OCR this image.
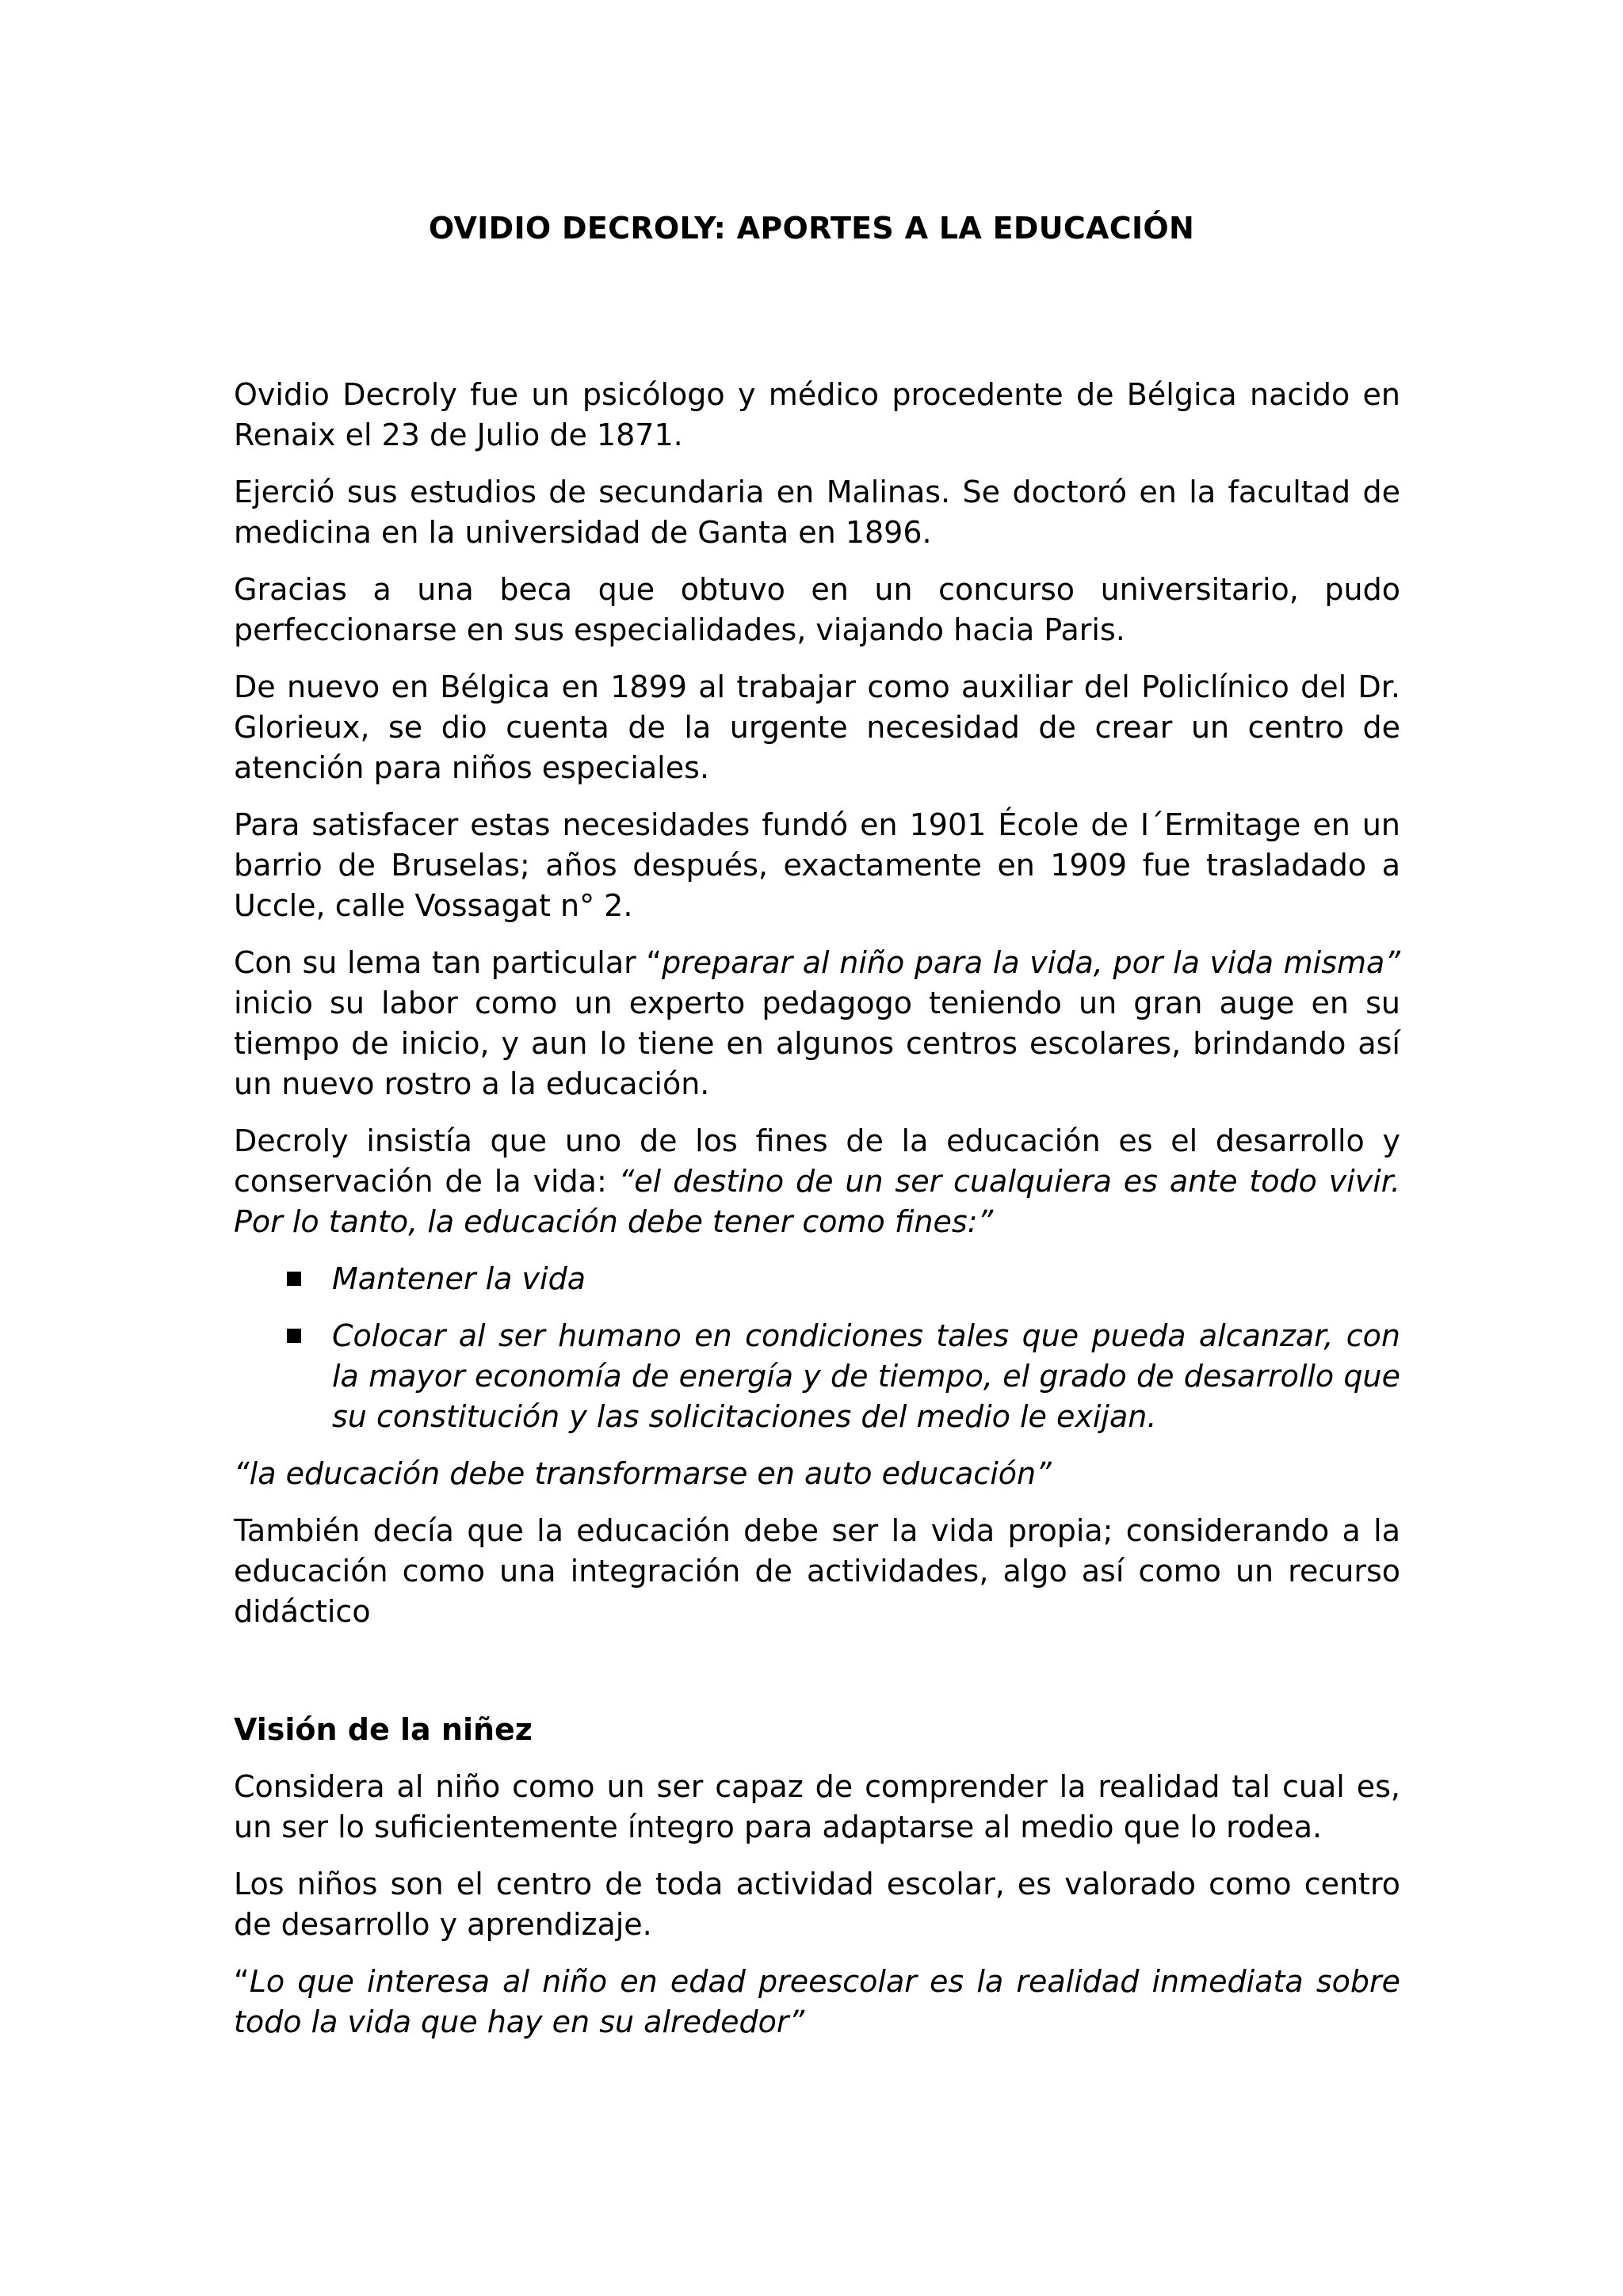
OVIDIO DECROLY: APORTES A LA EDUCACIÓN

Ovidio Decroly fue un psicólogo y médico procedente de Bélgica nacido en Renaix el 23 de Julio de 1871.

Ejerció sus estudios de secundaria en Malinas. Se doctoró en la facultad de medicina en la universidad de Ganta en 1896.

Gracias a una beca que obtuvo en un concurso universitario, pudo perfeccionarse en sus especialidades, viajando hacia Paris.

De nuevo en Bélgica en 1899 al trabajar como auxiliar del Policlínico del Dr. Glorieux, se dio cuenta de la urgente necesidad de crear un centro de atención para niños especiales.

Para satisfacer estas necesidades fundó en 1901 École de I´Ermitage en un barrio de Bruselas; años después, exactamente en 1909 fue trasladado a Uccle, calle Vossagat n° 2.

Con su lema tan particular “preparar al niño para la vida, por la vida misma” inicio su labor como un experto pedagogo teniendo un gran auge en su tiempo de inicio, y aun lo tiene en algunos centros escolares, brindando así un nuevo rostro a la educación.

Decroly insistía que uno de los fines de la educación es el desarrollo y conservación de la vida: “el destino de un ser cualquiera es ante todo vivir. Por lo tanto, la educación debe tener como fines:”

Mantener la vida
Colocar al ser humano en condiciones tales que pueda alcanzar, con la mayor economía de energía y de tiempo, el grado de desarrollo que su constitución y las solicitaciones del medio le exijan.

“la educación debe transformarse en auto educación”

También decía que la educación debe ser la vida propia; considerando a la educación como una integración de actividades, algo así como un recurso didáctico

Visión de la niñez

Considera al niño como un ser capaz de comprender la realidad tal cual es, un ser lo suficientemente íntegro para adaptarse al medio que lo rodea.

Los niños son el centro de toda actividad escolar, es valorado como centro de desarrollo y aprendizaje.

“Lo que interesa al niño en edad preescolar es la realidad inmediata sobre todo la vida que hay en su alrededor”
